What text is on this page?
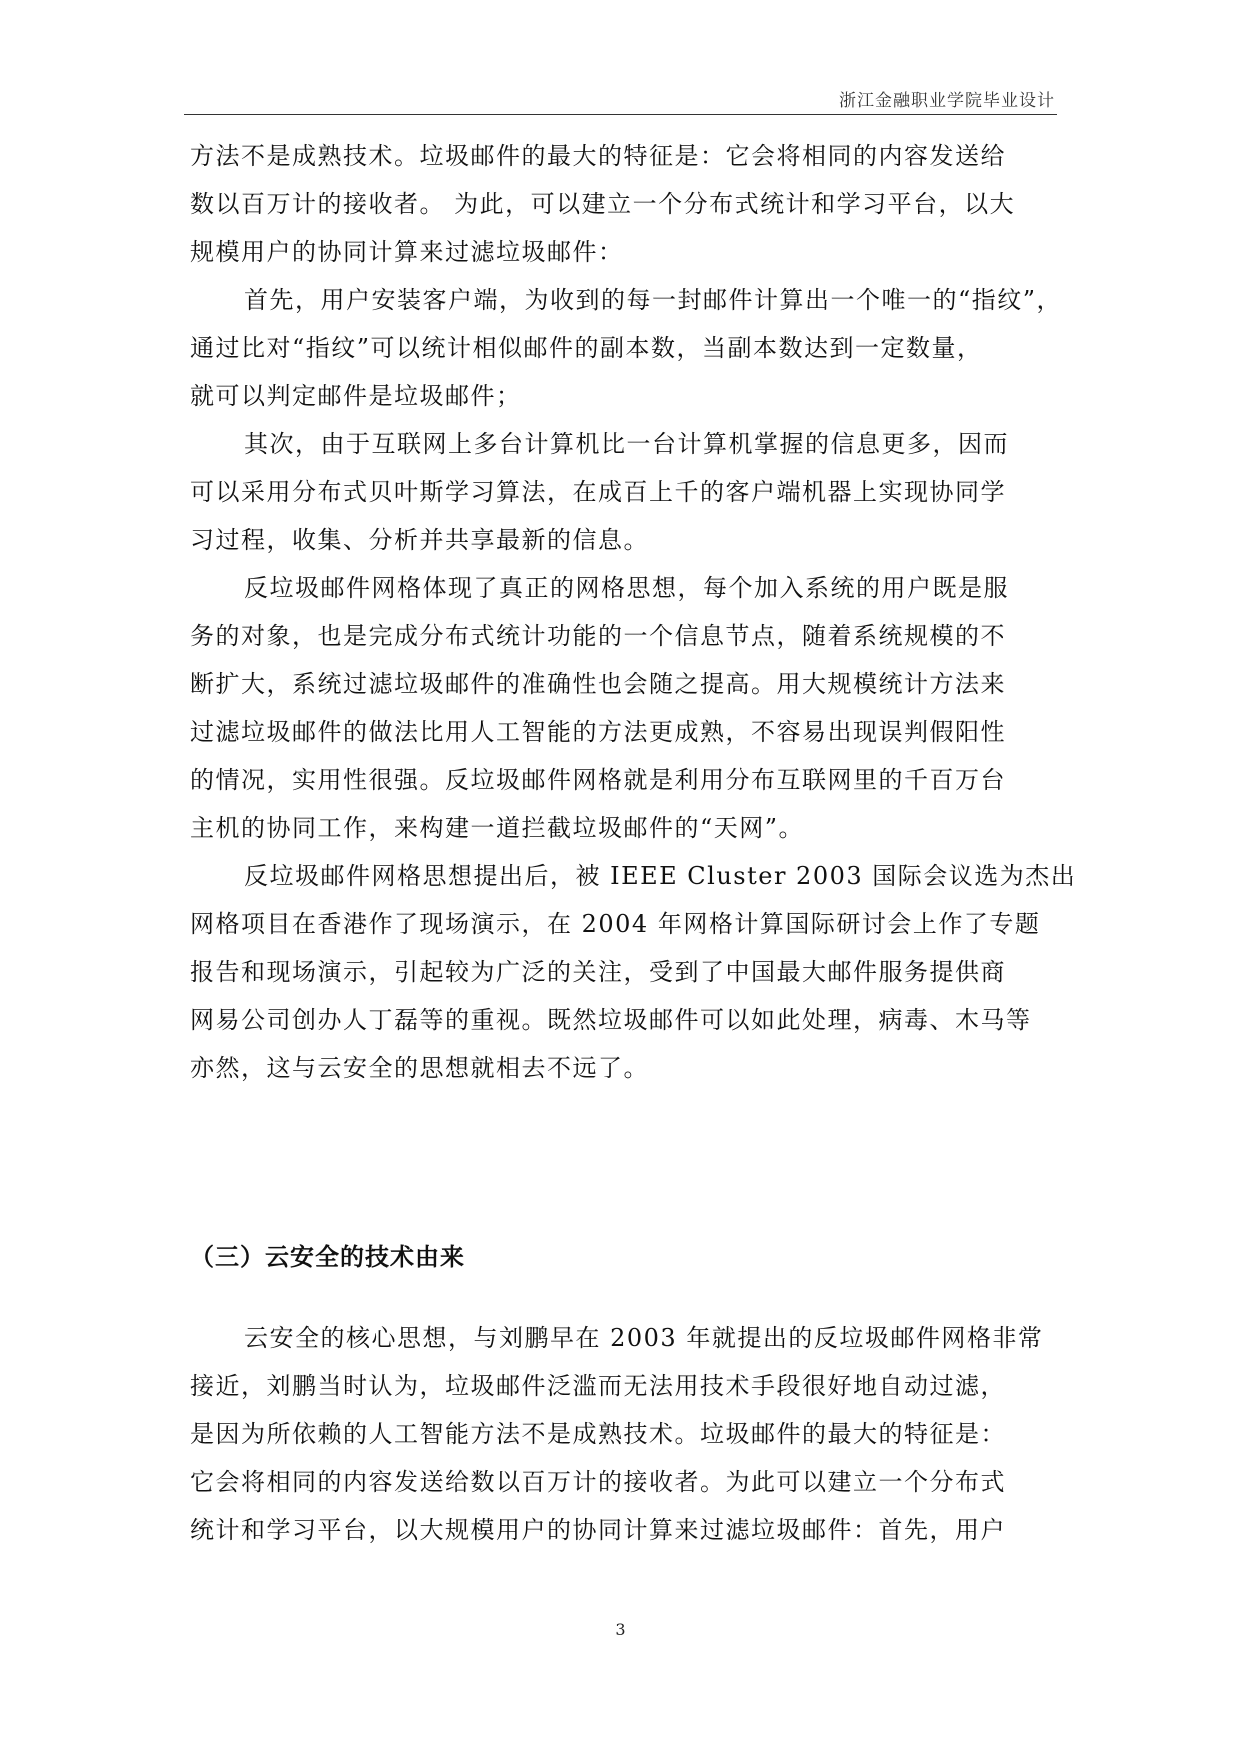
浙江金融职业学院毕业设计
方法不是成熟技术。垃圾邮件的最大的特征是：它会将相同的内容发送给
数以百万计的接收者。 为此，可以建立一个分布式统计和学习平台，以大
规模用户的协同计算来过滤垃圾邮件：
首先，用户安装客户端，为收到的每一封邮件计算出一个唯一的“指纹”，
通过比对“指纹”可以统计相似邮件的副本数，当副本数达到一定数量，
就可以判定邮件是垃圾邮件；
其次，由于互联网上多台计算机比一台计算机掌握的信息更多，因而
可以采用分布式贝叶斯学习算法，在成百上千的客户端机器上实现协同学
习过程，收集、分析并共享最新的信息。
反垃圾邮件网格体现了真正的网格思想，每个加入系统的用户既是服
务的对象，也是完成分布式统计功能的一个信息节点，随着系统规模的不
断扩大，系统过滤垃圾邮件的准确性也会随之提高。用大规模统计方法来
过滤垃圾邮件的做法比用人工智能的方法更成熟，不容易出现误判假阳性
的情况，实用性很强。反垃圾邮件网格就是利用分布互联网里的千百万台
主机的协同工作，来构建一道拦截垃圾邮件的“天网”。
反垃圾邮件网格思想提出后，被 IEEE Cluster 2003 国际会议选为杰出
网格项目在香港作了现场演示，在 2004 年网格计算国际研讨会上作了专题
报告和现场演示，引起较为广泛的关注，受到了中国最大邮件服务提供商
网易公司创办人丁磊等的重视。既然垃圾邮件可以如此处理，病毒、木马等
亦然，这与云安全的思想就相去不远了。
（三）云安全的技术由来
云安全的核心思想，与刘鹏早在 2003 年就提出的反垃圾邮件网格非常
接近，刘鹏当时认为，垃圾邮件泛滥而无法用技术手段很好地自动过滤，
是因为所依赖的人工智能方法不是成熟技术。垃圾邮件的最大的特征是：
它会将相同的内容发送给数以百万计的接收者。为此可以建立一个分布式
统计和学习平台，以大规模用户的协同计算来过滤垃圾邮件：首先，用户
3
